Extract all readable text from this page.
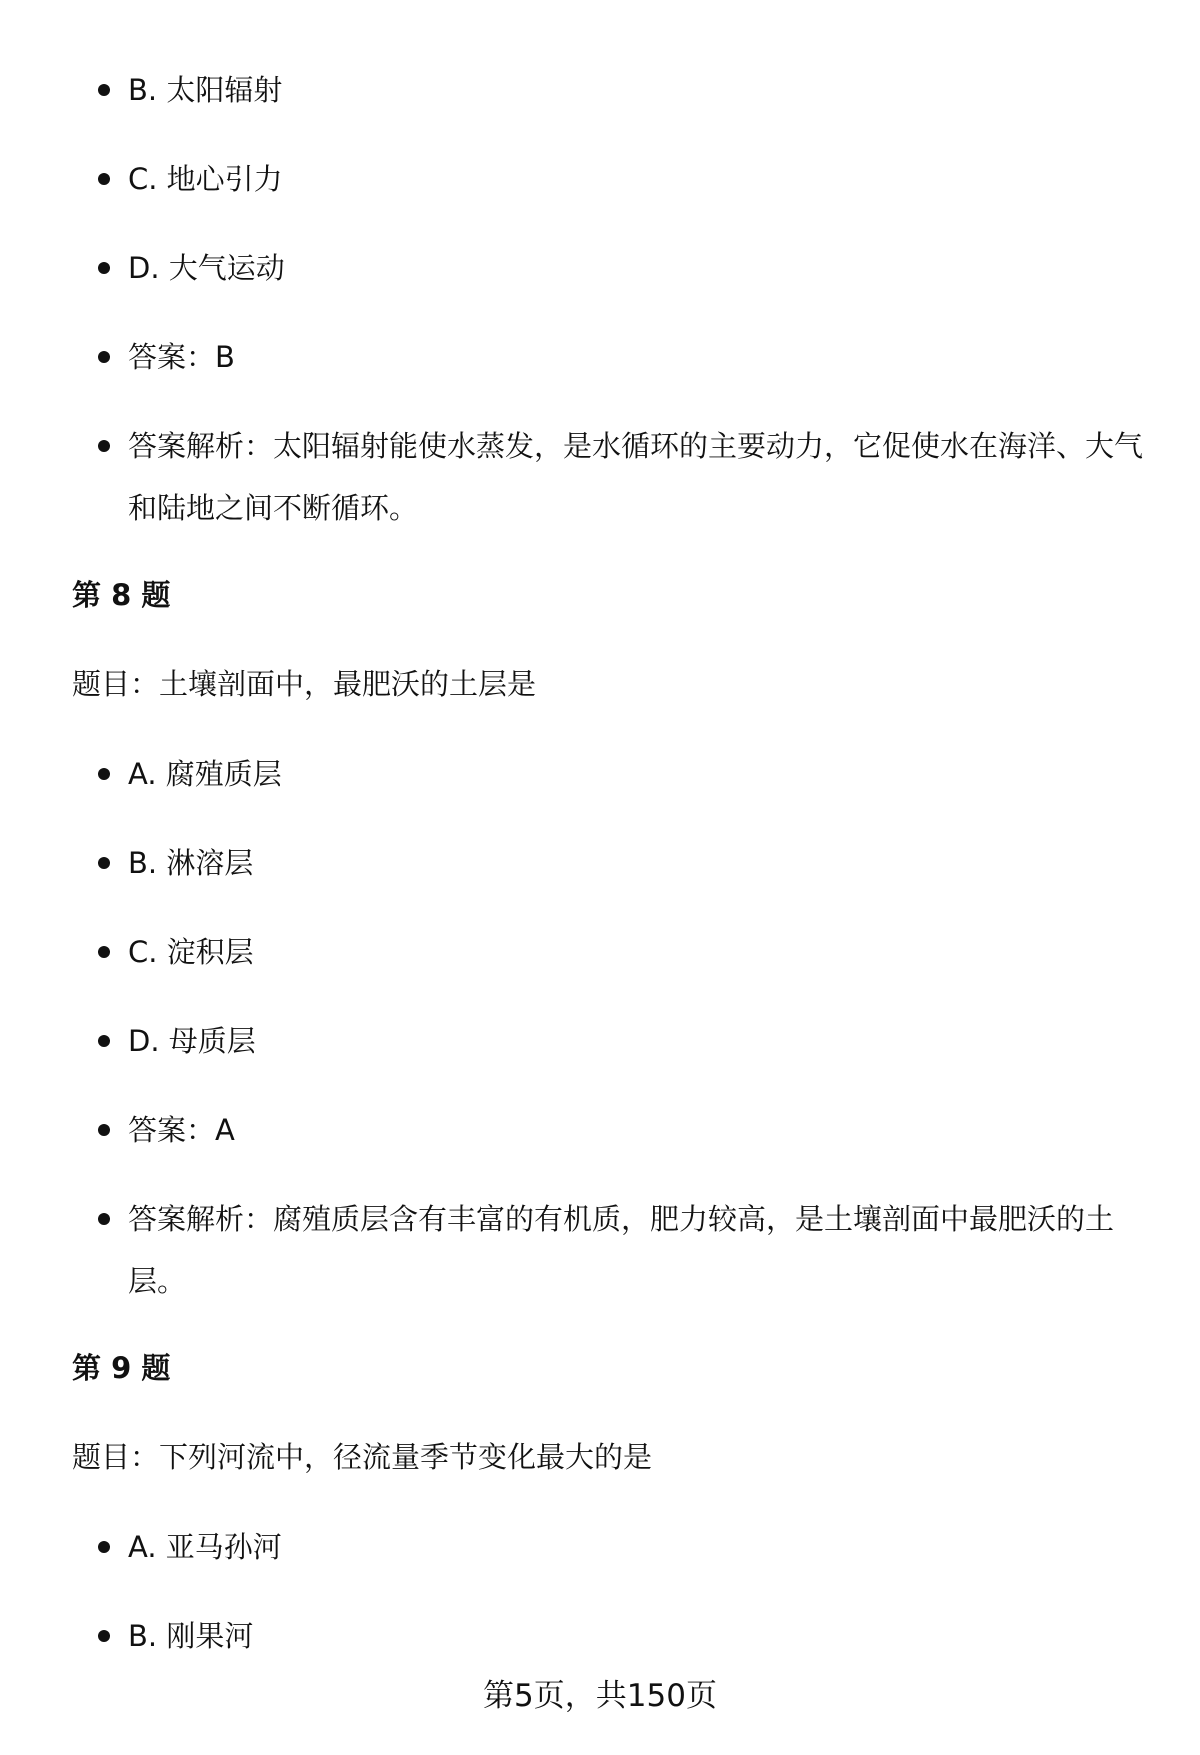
B. 太阳辐射
C. 地心引力
D. 大气运动
答案：B
答案解析：太阳辐射能使水蒸发，是水循环的主要动力，它促使水在海洋、大气和陆地之间不断循环。
第 8 题
题目：土壤剖面中，最肥沃的土层是
A. 腐殖质层
B. 淋溶层
C. 淀积层
D. 母质层
答案：A
答案解析：腐殖质层含有丰富的有机质，肥力较高，是土壤剖面中最肥沃的土层。
第 9 题
题目：下列河流中，径流量季节变化最大的是
A. 亚马孙河
B. 刚果河
第5页，共150页
